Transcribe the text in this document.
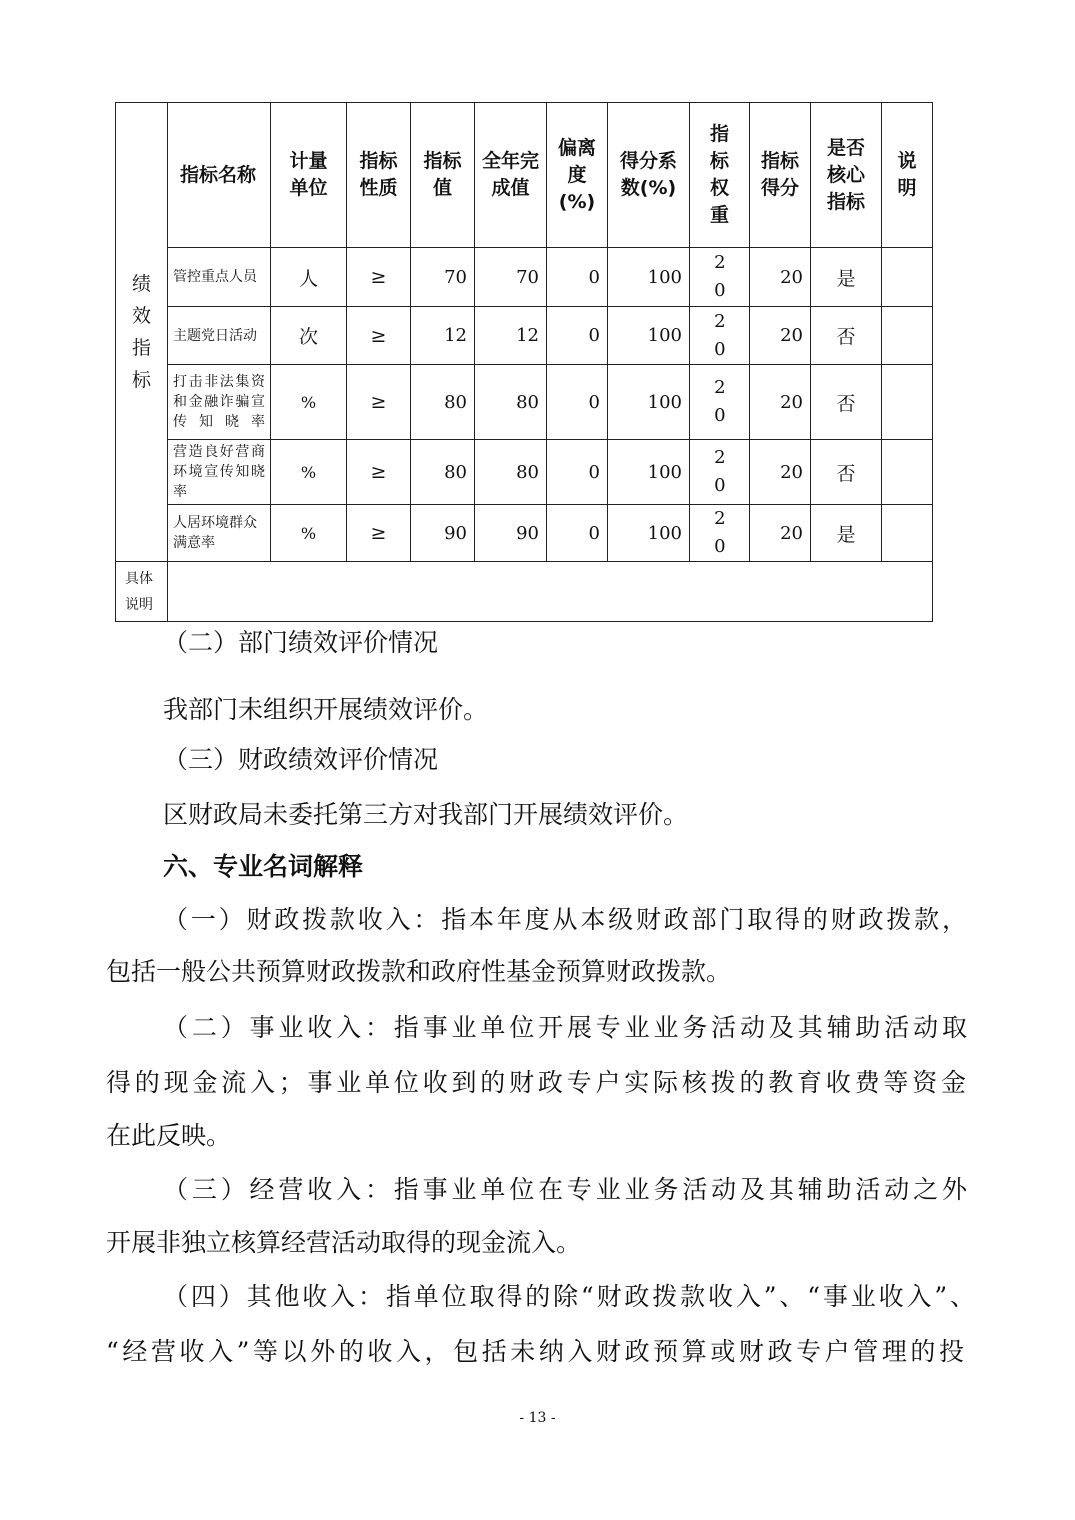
绩效指标	指标名称	计量单位	指标性质	指标值	全年完成值	偏离度(%)	得分系数(%)	指标权重	指标得分	是否核心指标	说明

	管控重点人员	人	≥	70	70	0	100	20	20	是	
	主题党日活动	次	≥	12	12	0	100	20	20	否	
	打击非法集资和金融诈骗宣传知晓率	%	≥	80	80	0	100	20	20	否	
	营造良好营商环境宣传知晓率	%	≥	80	80	0	100	20	20	否	
	人居环境群众满意率	%	≥	90	90	0	100	20	20	是	

具体说明											

（二）部门绩效评价情况
我部门未组织开展绩效评价。
（三）财政绩效评价情况
区财政局未委托第三方对我部门开展绩效评价。
六、专业名词解释
（一）财政拨款收入：指本年度从本级财政部门取得的财政拨款，
包括一般公共预算财政拨款和政府性基金预算财政拨款。
（二）事业收入：指事业单位开展专业业务活动及其辅助活动取
得的现金流入；事业单位收到的财政专户实际核拨的教育收费等资金
在此反映。
（三）经营收入：指事业单位在专业业务活动及其辅助活动之外
开展非独立核算经营活动取得的现金流入。
（四）其他收入：指单位取得的除“财政拨款收入”、“事业收入”、
“经营收入”等以外的收入，包括未纳入财政预算或财政专户管理的投
- 13 -
